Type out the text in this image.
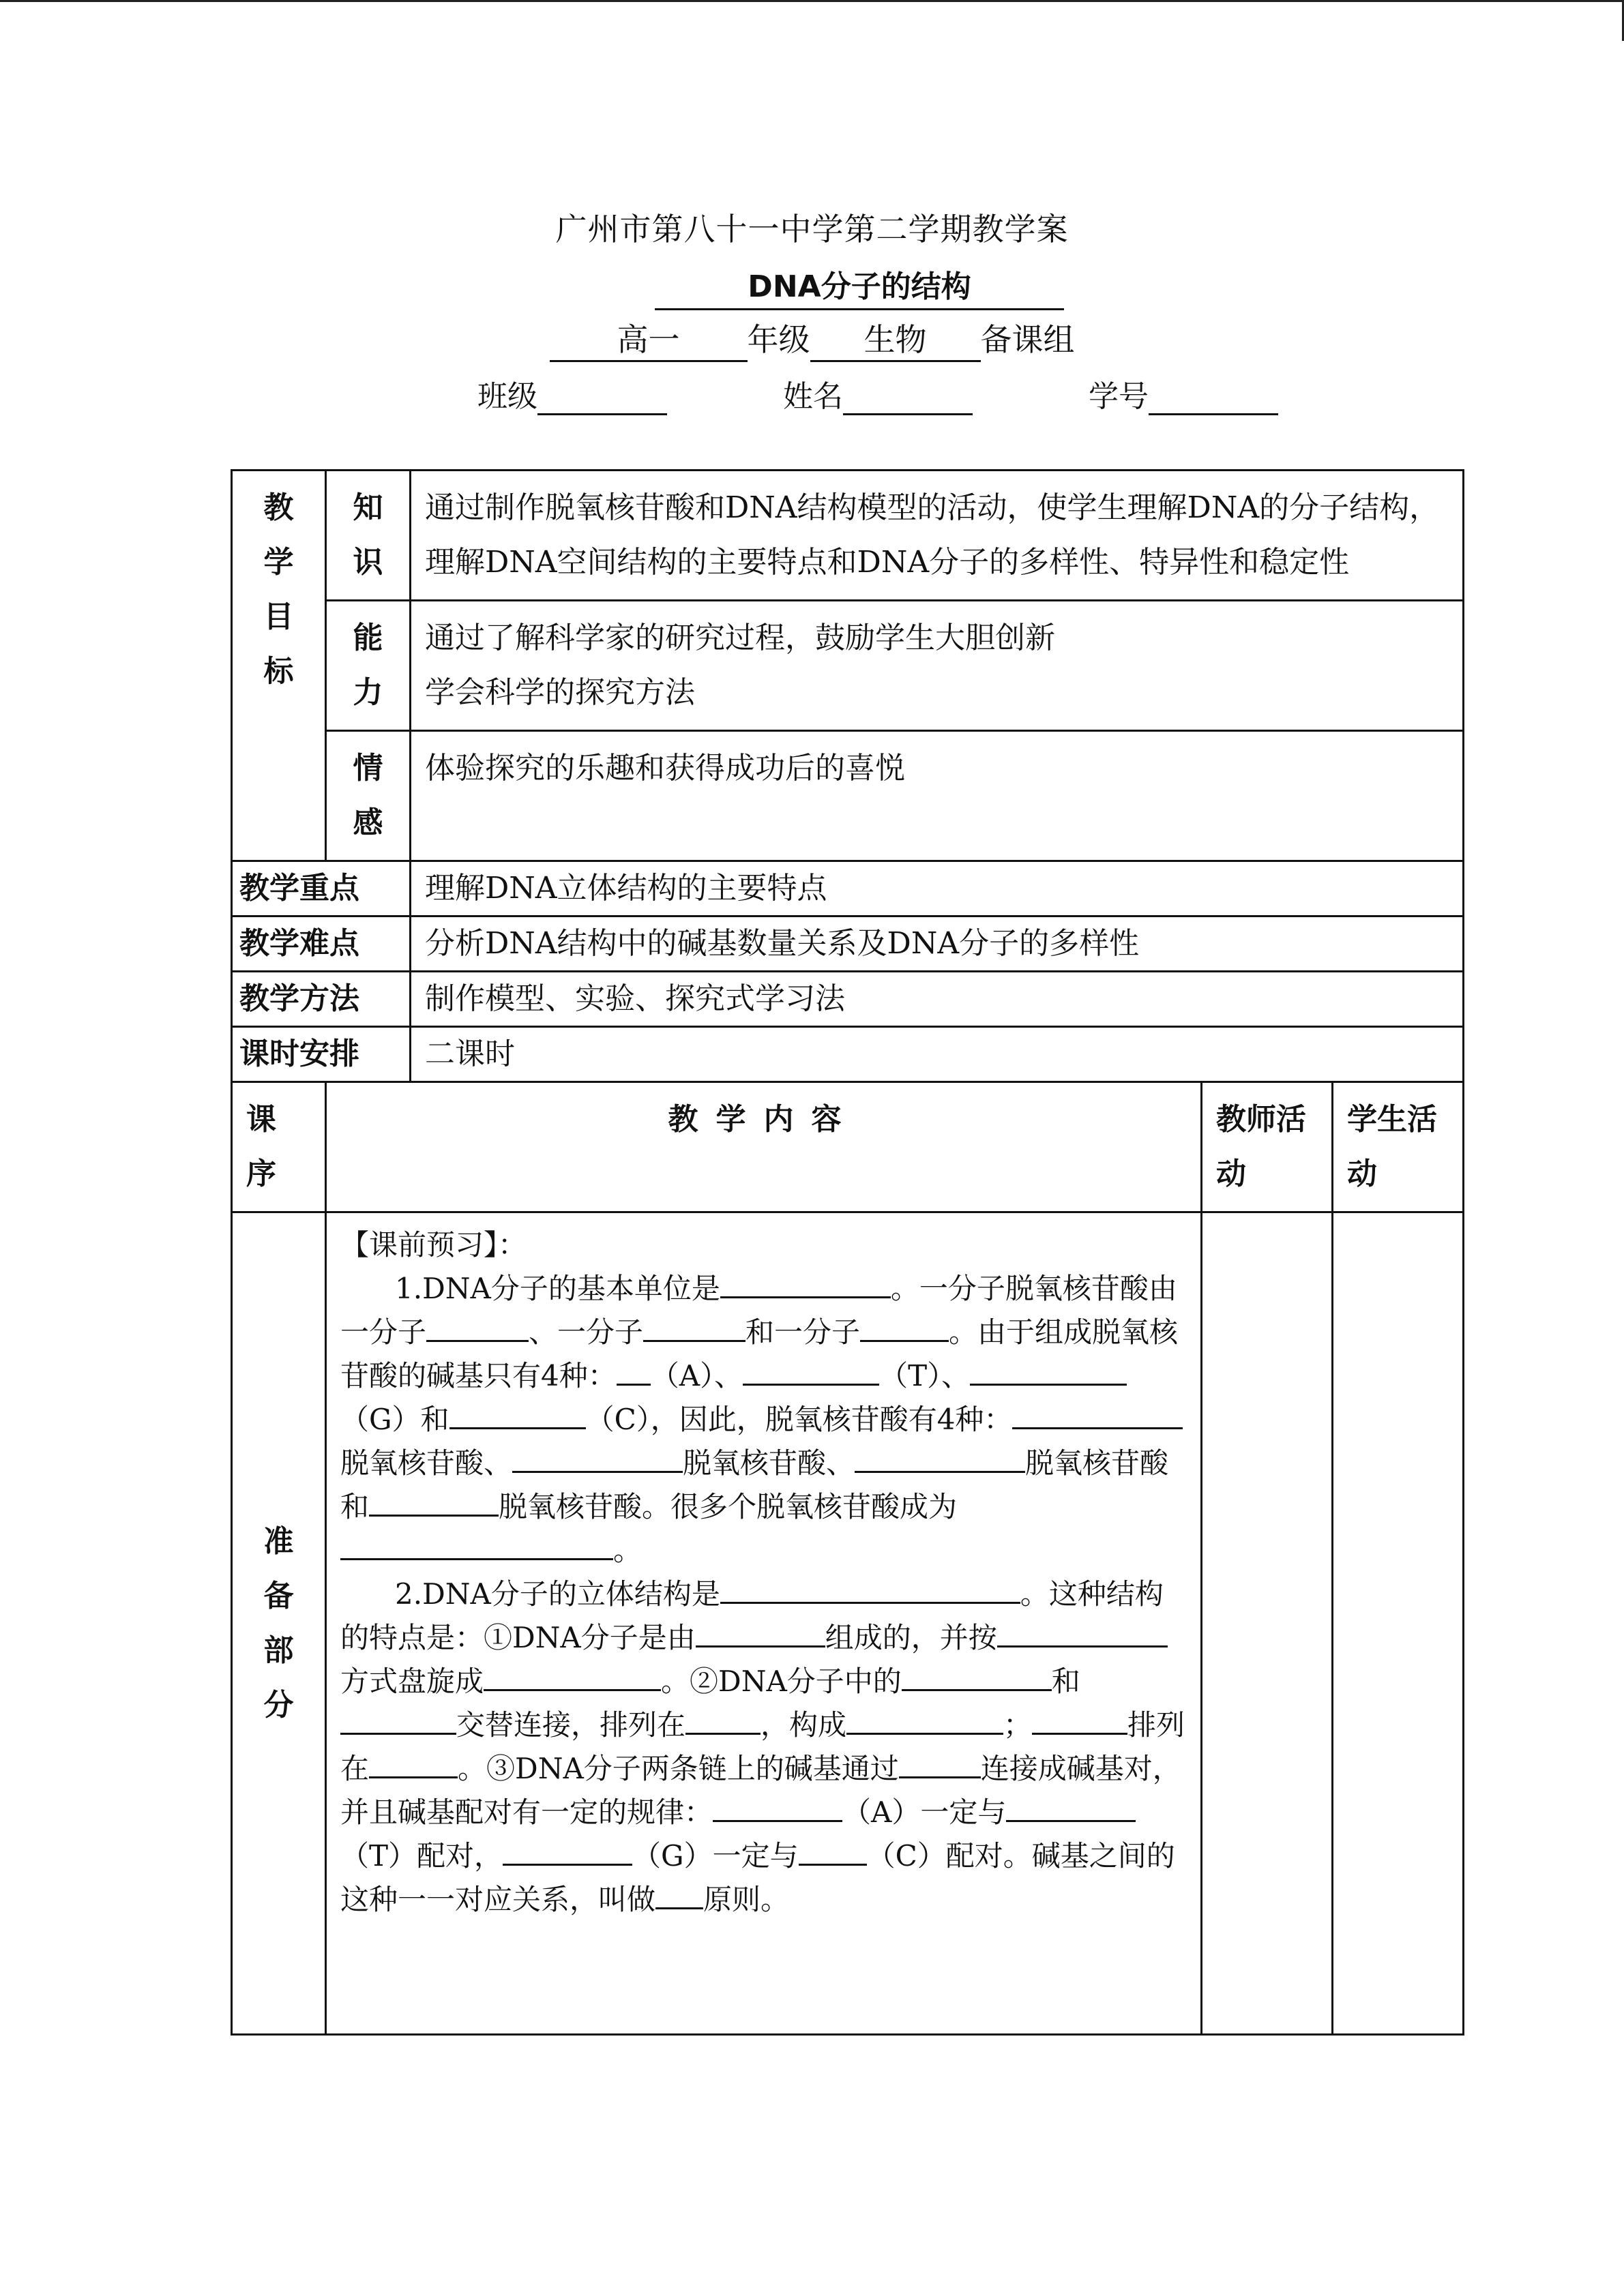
广州市第八十一中学第二学期教学案
DNA分子的结构
高一 年级 生物 备课组
班级	姓名	学号
教学目标	知识	通过制作脱氧核苷酸和DNA结构模型的活动，使学生理解DNA的分子结构，理解DNA空间结构的主要特点和DNA分子的多样性、特异性和稳定性		

	能力	通过了解科学家的研究过程，鼓励学生大胆创新
学会科学的探究方法		

	情感	体验探究的乐趣和获得成功后的喜悦		
教学重点		理解DNA立体结构的主要特点		
教学难点		分析DNA结构中的碱基数量关系及DNA分子的多样性		
教学方法		制作模型、实验、探究式学习法		
课时安排		二课时		

课序	教学内容		教师活动	学生活动

准备部分	【课前预习】：

1.DNA分子的基本单位是 。一分子脱氧核苷酸由一分子 、一分子 和一分子 。由于组成脱氧核苷酸的碱基只有4种： （A）、 （T）、（G）和 （C），因此，脱氧核苷酸有4种：脱氧核苷酸、 脱氧核苷酸、 脱氧核苷酸和 脱氧核苷酸。很多个脱氧核苷酸成为。

2.DNA分子的立体结构是 。这种结构的特点是：①DNA分子是由 组成的，并按方式盘旋成 。②DNA分子中的 和交替连接，排列在 ，构成 ； 排列在 。③DNA分子两条链上的碱基通过 连接成碱基对，并且碱基配对有一定的规律： （A）一定与（T）配对， （G）一定与 （C）配对。碱基之间的这种一一对应关系，叫做 原则。			
